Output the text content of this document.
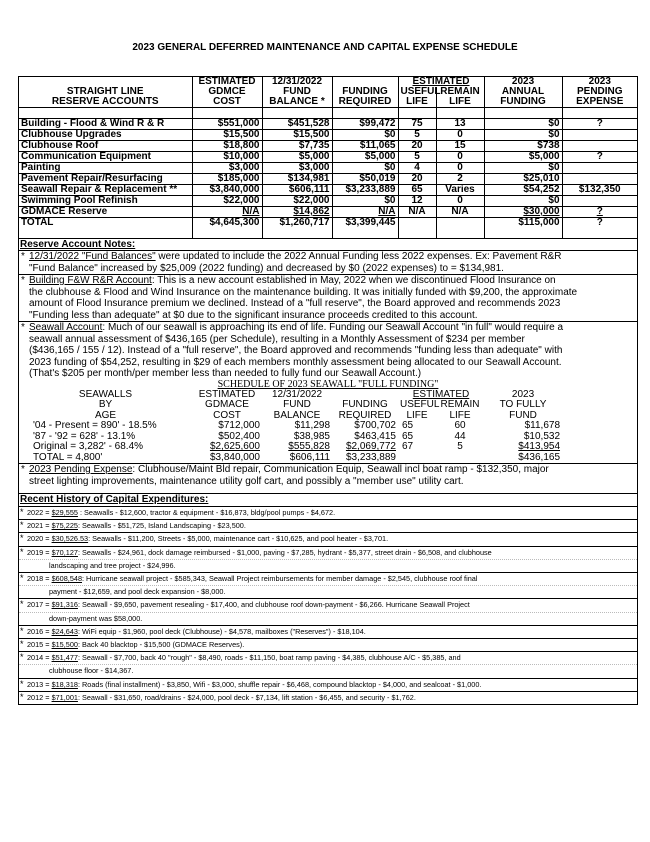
2023 GENERAL DEFERRED MAINTENANCE AND CAPITAL EXPENSE SCHEDULE
	ESTIMATED	12/31/2022		ESTIMATED		2023	2023
STRAIGHT LINE	GDMCE	FUND	FUNDING	USEFUL	REMAIN	ANNUAL	PENDING
RESERVE ACCOUNTS	COST	BALANCE *	REQUIRED	LIFE	LIFE	FUNDING	EXPENSE

Building - Flood & Wind R & R	$551,000	$451,528	$99,472	75	13	$0	?
Clubhouse Upgrades	$15,500	$15,500	$0	5	0	$0	
Clubhouse Roof	$18,800	$7,735	$11,065	20	15	$738	
Communication Equipment	$10,000	$5,000	$5,000	5	0	$5,000	?
Painting	$3,000	$3,000	$0	4	0	$0	
Pavement Repair/Resurfacing	$185,000	$134,981	$50,019	20	2	$25,010	
Seawall Repair & Replacement **	$3,840,000	$606,111	$3,233,889	65	Varies	$54,252	$132,350
Swimming Pool Refinish	$22,000	$22,000	$0	12	0	$0	
GDMACE Reserve	N/A	$14,862	N/A	N/A	N/A	$30,000	?
TOTAL	$4,645,300	$1,260,717	$3,399,445			$115,000	?

Reserve Account Notes:
* 12/31/2022 "Fund Balances" were updated to include the 2022 Annual Funding less 2022 expenses. Ex: Pavement R&R
"Fund Balance" increased by $25,009 (2022 funding) and decreased by $0 (2022 expenses) to = $134,981.
* Building F&W R&R Account: This is a new account established in May, 2022 when we discontinued Flood Insurance on
the clubhouse & Flood and Wind Insurance on the maintenance building. It was initially funded with $9,200, the approximate
amount of Flood Insurance premium we declined. Instead of a "full reserve", the Board approved and recommends 2023
"Funding less than adequate" at $0 due to the significant insurance proceeds credited to this account.
* Seawall Account: Much of our seawall is approaching its end of life. Funding our Seawall Account "in full" would require a
seawall annual assessment of $436,165 (per Schedule), resulting in a Monthly Assessment of $234 per member
($436,165 / 155 / 12). Instead of a "full reserve", the Board approved and recommends "funding less than adequate" with
2023 funding of $54,252, resulting in $29 of each members monthly assessment being allocated to our Seawall Account.
(That's $205 per month/per member less than needed to fully fund our Seawall Account.)
SCHEDULE OF 2023 SEAWALL "FULL FUNDING"
SEAWALLS	ESTIMATED	12/31/2022		ESTIMATED		2023	
BY	GDMACE	FUND	FUNDING	USEFUL	REMAIN	TO FULLY	
AGE	COST	BALANCE	REQUIRED	LIFE	LIFE	FUND	
'04 - Present = 890' - 18.5%	$712,000	$11,298	$700,702	65	60	$11,678	
'87 - '92 = 628' - 13.1%	$502,400	$38,985	$463,415	65	44	$10,532	
Original = 3,282' - 68.4%	$2,625,600	$555,828	$2,069,772	67	5	$413,954	
TOTAL = 4,800'	$3,840,000	$606,111	$3,233,889			$436,165	
* 2023 Pending Expense: Clubhouse/Maint Bld repair, Communication Equip, Seawall incl boat ramp - $132,350, major
street lighting improvements, maintenance utility golf cart, and possibly a "member use" utility cart.
Recent History of Capital Expenditures:
* 2022 = $29,555 : Seawalls - $12,600, tractor & equipment - $16,873, bldg/pool pumps - $4,672.
* 2021 = $75,225: Seawalls - $51,725, Island Landscaping - $23,500.
* 2020 = $30,526.53: Seawalls - $11,200, Streets - $5,000, maintenance cart - $10,625, and pool heater - $3,701.
* 2019 = $70,127: Seawalls - $24,961, dock damage reimbursed - $1,000, paving - $7,285, hydrant - $5,377, street drain - $6,508, and clubhouse
landscaping and tree project - $24,996.
* 2018 = $608,548: Hurricane seawall project - $585,343, Seawall Project reimbursements for member damage - $2,545, clubhouse roof final
payment - $12,659, and pool deck expansion - $8,000.
* 2017 = $91,316: Seawall - $9,650, pavement resealing - $17,400, and clubhouse roof down-payment - $6,266. Hurricane Seawall Project
down-payment was $58,000.
* 2016 = $24,643: WiFi equip - $1,960, pool deck (Clubhouse) - $4,578, mailboxes ("Reserves") - $18,104.
* 2015 = $15,500: Back 40 blacktop - $15,500 (GDMACE Reserves).
* 2014 = $51,477: Seawall - $7,700, back 40 "rough" - $8,490, roads - $11,150, boat ramp paving - $4,385, clubhouse A/C - $5,385, and
clubhouse floor - $14,367.
* 2013 = $18,318: Roads (final installment) - $3,850, Wifi - $3,000, shuffle repair - $6,468, compound blacktop - $4,000, and sealcoat - $1,000.
* 2012 = $71,001: Seawall - $31,650, road/drains - $24,000, pool deck - $7,134, lift station - $6,455, and security - $1,762.
